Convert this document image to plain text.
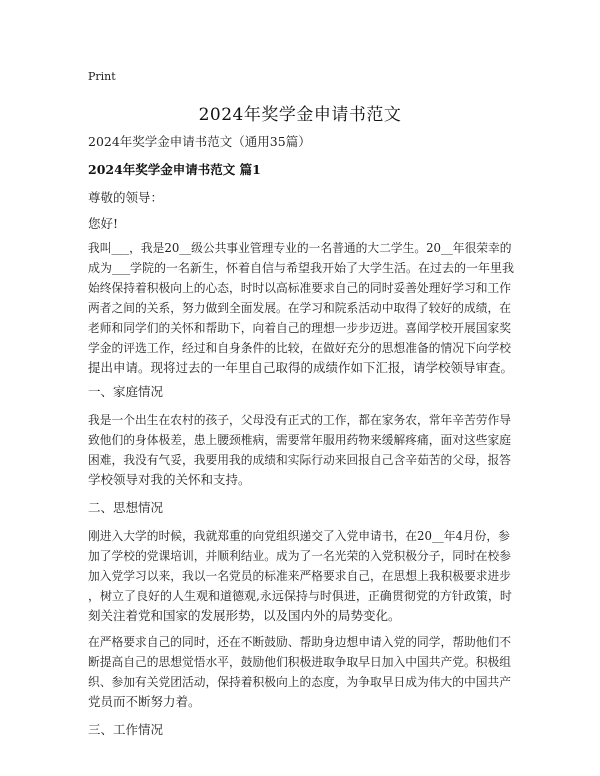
Print
2024年奖学金申请书范文
2024年奖学金申请书范文（通用35篇）
2024年奖学金申请书范文 篇1
尊敬的领导：
您好!
我叫___，我是20__级公共事业管理专业的一名普通的大二学生。20__年很荣幸的
成为___学院的一名新生，怀着自信与希望我开始了大学生活。在过去的一年里我
始终保持着积极向上的心态，时时以高标准要求自己的同时妥善处理好学习和工作
两者之间的关系，努力做到全面发展。在学习和院系活动中取得了较好的成绩，在
老师和同学们的关怀和帮助下，向着自己的理想一步步迈进。喜闻学校开展国家奖
学金的评选工作，经过和自身条件的比较，在做好充分的思想准备的情况下向学校
提出申请。现将过去的一年里自己取得的成绩作如下汇报，请学校领导审查。
一、家庭情况
我是一个出生在农村的孩子，父母没有正式的工作，都在家务农，常年辛苦劳作导
致他们的身体极差，患上腰颈椎病，需要常年服用药物来缓解疼痛，面对这些家庭
困难，我没有气妥，我要用我的成绩和实际行动来回报自己含辛茹苦的父母，报答
学校领导对我的关怀和支持。
二、思想情况
刚进入大学的时候，我就郑重的向党组织递交了入党申请书，在20__年4月份，参
加了学校的党课培训，并顺利结业。成为了一名光荣的入党积极分子，同时在校参
加入党学习以来，我以一名党员的标准来严格要求自己，在思想上我积极要求进步
，树立了良好的人生观和道德观,永远保持与时俱进，正确贯彻党的方针政策，时
刻关注着党和国家的发展形势，以及国内外的局势变化。
在严格要求自己的同时，还在不断鼓励、帮助身边想申请入党的同学，帮助他们不
断提高自己的思想觉悟水平，鼓励他们积极进取争取早日加入中国共产党。积极组
织、参加有关党团活动，保持着积极向上的态度，为争取早日成为伟大的中国共产
党员而不断努力着。
三、工作情况
